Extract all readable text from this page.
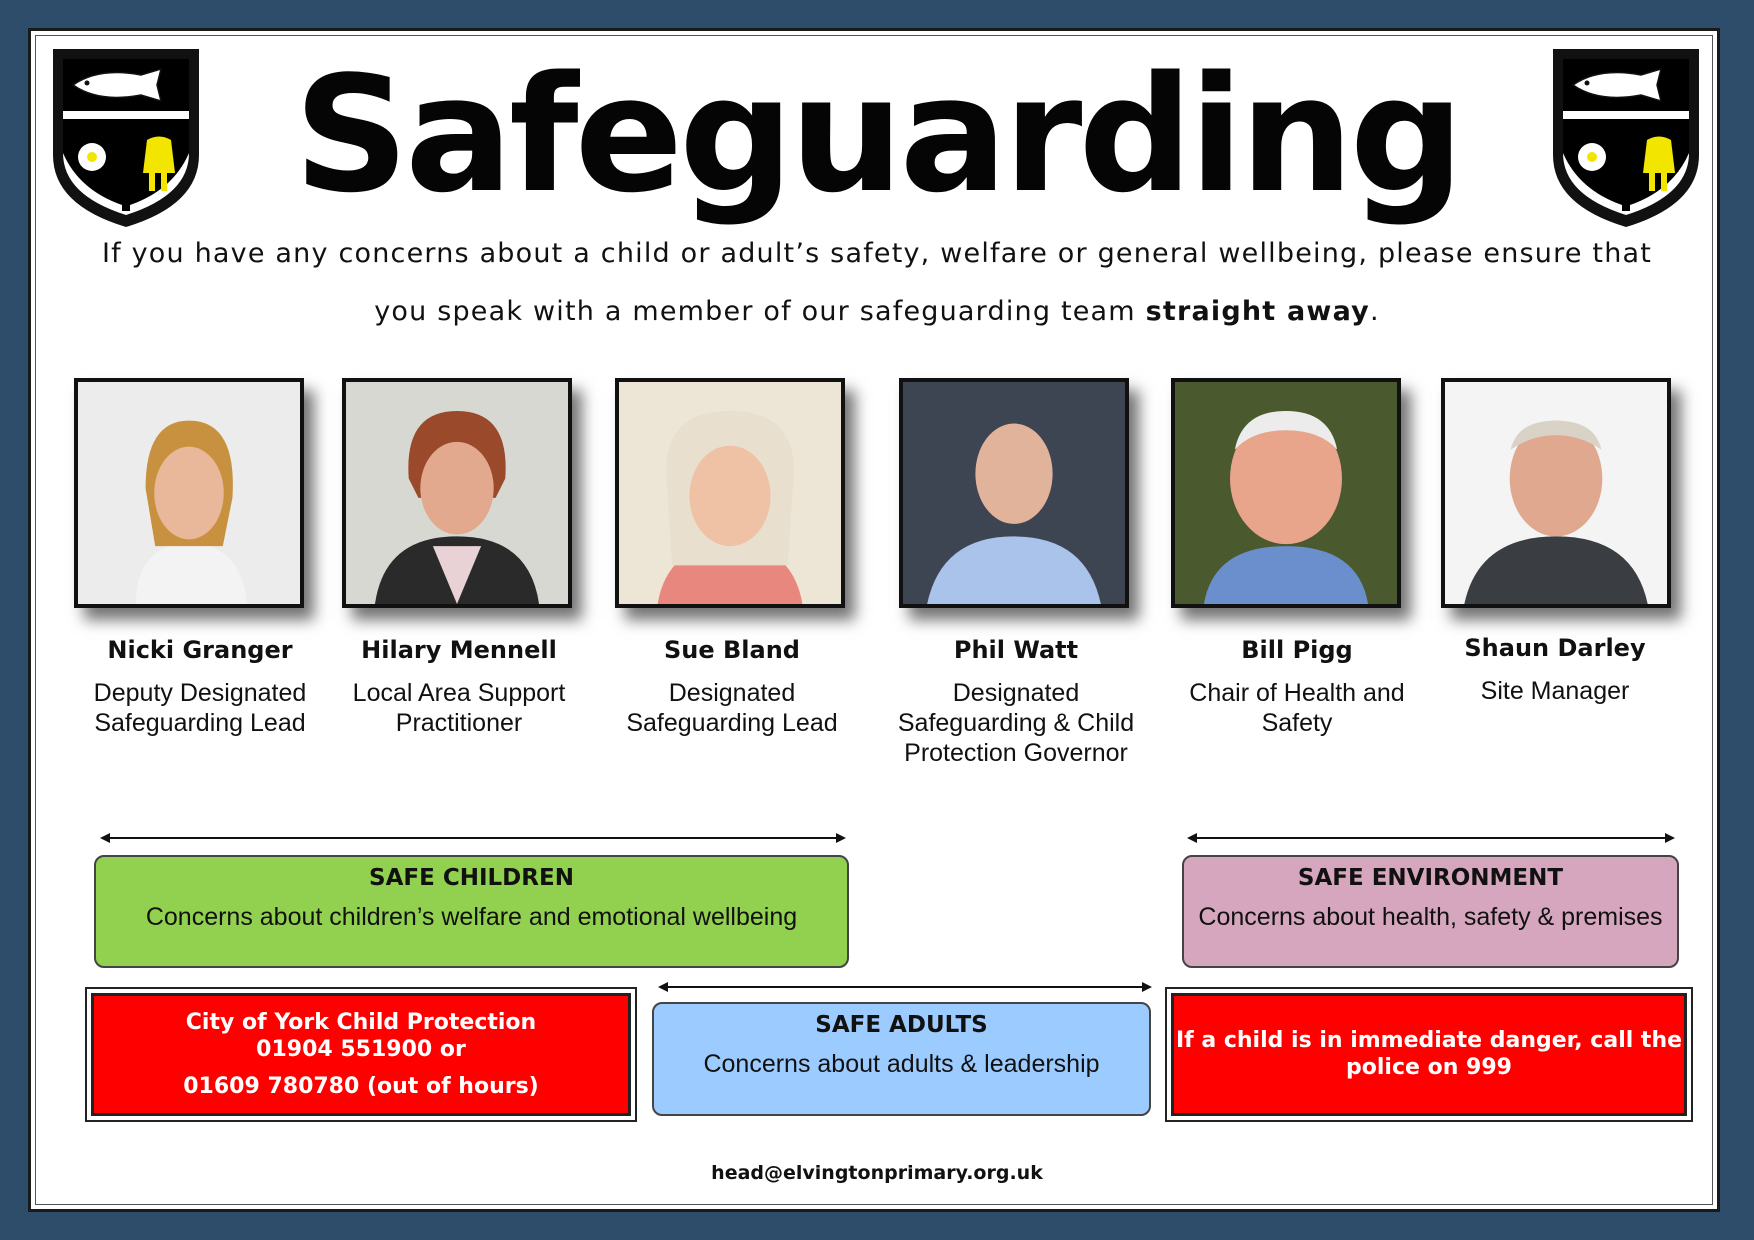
Safeguarding
If you have any concerns about a child or adult’s safety, welfare or general wellbeing, please ensure that
you speak with a member of our safeguarding team straight away.
Nicki Granger
Deputy Designated
Safeguarding Lead
Hilary Mennell
Local Area Support
Practitioner
Sue Bland
Designated
Safeguarding Lead
Phil Watt
Designated
Safeguarding & Child
Protection Governor
Bill Pigg
Chair of Health and
Safety
Shaun Darley
Site Manager
SAFE CHILDREN
Concerns about children’s welfare and emotional wellbeing
SAFE ENVIRONMENT
Concerns about health, safety & premises
SAFE ADULTS
Concerns about adults & leadership
City of York Child Protection
01904 551900 or
01609 780780 (out of hours)
If a child is in immediate danger, call the
police on 999
head@elvingtonprimary.org.uk
